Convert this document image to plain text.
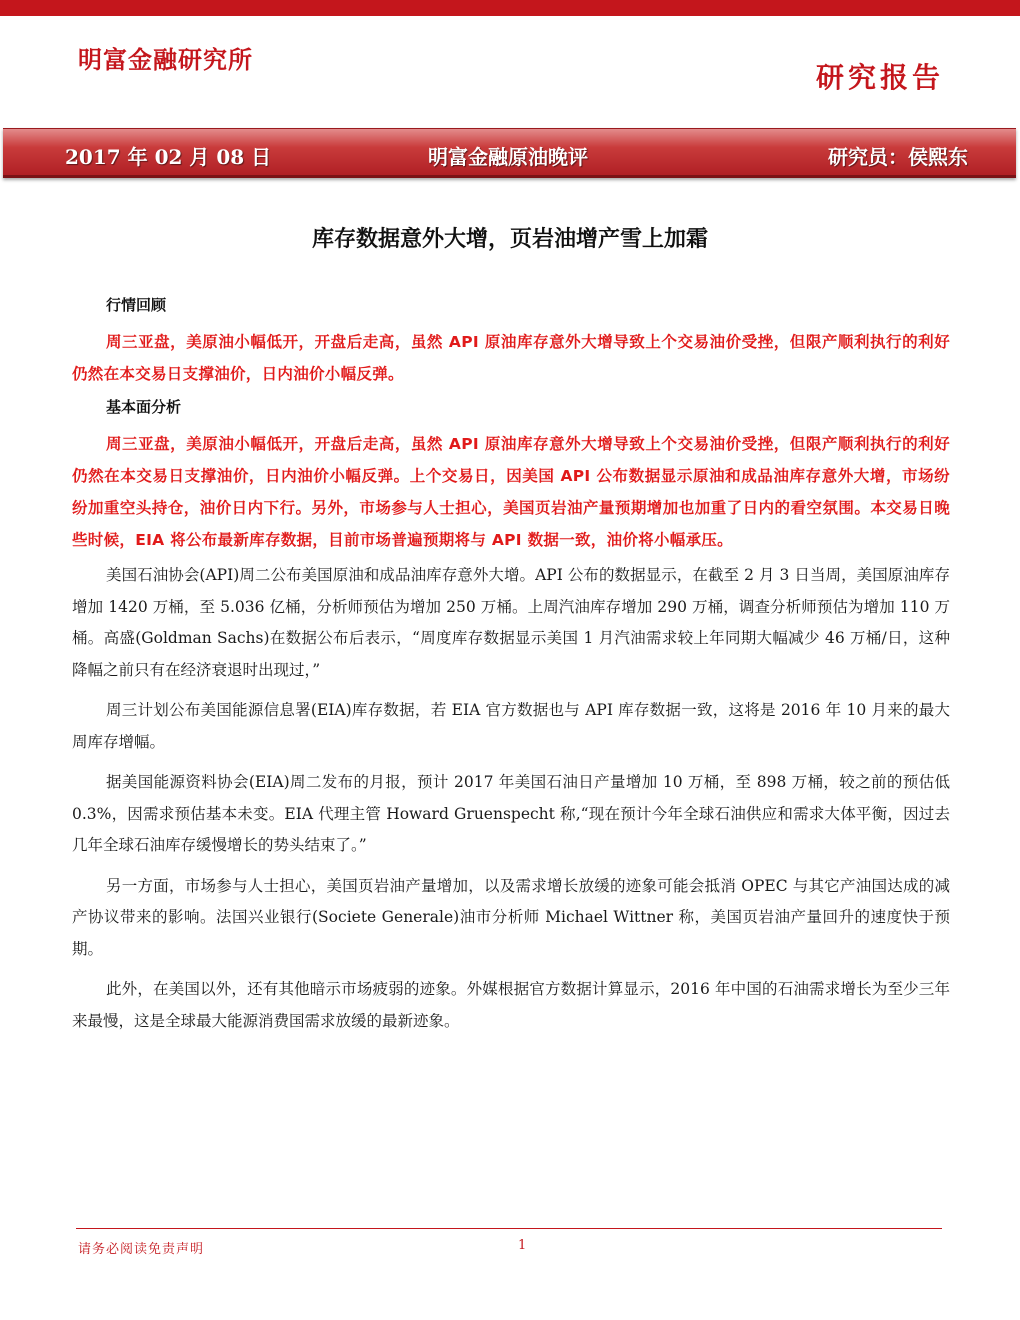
明富金融研究所
研究报告
2017 年 02 月 08 日	明富金融原油晚评	研究员：侯熙东
库存数据意外大增，页岩油增产雪上加霜
行情回顾

周三亚盘，美原油小幅低开，开盘后走高，虽然 API 原油库存意外大增导致上个交易油价受挫，但限产顺利执行的利好仍然在本交易日支撑油价，日内油价小幅反弹。

基本面分析

周三亚盘，美原油小幅低开，开盘后走高，虽然 API 原油库存意外大增导致上个交易油价受挫，但限产顺利执行的利好仍然在本交易日支撑油价，日内油价小幅反弹。上个交易日，因美国 API 公布数据显示原油和成品油库存意外大增，市场纷纷加重空头持仓，油价日内下行。另外，市场参与人士担心，美国页岩油产量预期增加也加重了日内的看空氛围。本交易日晚些时候，EIA 将公布最新库存数据，目前市场普遍预期将与 API 数据一致，油价将小幅承压。

美国石油协会(API)周二公布美国原油和成品油库存意外大增。API 公布的数据显示，在截至 2 月 3 日当周，美国原油库存增加 1420 万桶，至 5.036 亿桶，分析师预估为增加 250 万桶。上周汽油库存增加 290 万桶，调查分析师预估为增加 110 万桶。高盛(Goldman Sachs)在数据公布后表示，“周度库存数据显示美国 1 月汽油需求较上年同期大幅减少 46 万桶/日，这种降幅之前只有在经济衰退时出现过，”

周三计划公布美国能源信息署(EIA)库存数据，若 EIA 官方数据也与 API 库存数据一致，这将是 2016 年 10 月来的最大周库存增幅。

据美国能源资料协会(EIA)周二发布的月报，预计 2017 年美国石油日产量增加 10 万桶，至 898 万桶，较之前的预估低 0.3%，因需求预估基本未变。EIA 代理主管 Howard Gruenspecht 称,“现在预计今年全球石油供应和需求大体平衡，因过去几年全球石油库存缓慢增长的势头结束了。”

另一方面，市场参与人士担心，美国页岩油产量增加，以及需求增长放缓的迹象可能会抵消 OPEC 与其它产油国达成的减产协议带来的影响。法国兴业银行(Societe Generale)油市分析师 Michael Wittner 称，美国页岩油产量回升的速度快于预期。

此外，在美国以外，还有其他暗示市场疲弱的迹象。外媒根据官方数据计算显示，2016 年中国的石油需求增长为至少三年来最慢，这是全球最大能源消费国需求放缓的最新迹象。

请务必阅读免责声明	1
